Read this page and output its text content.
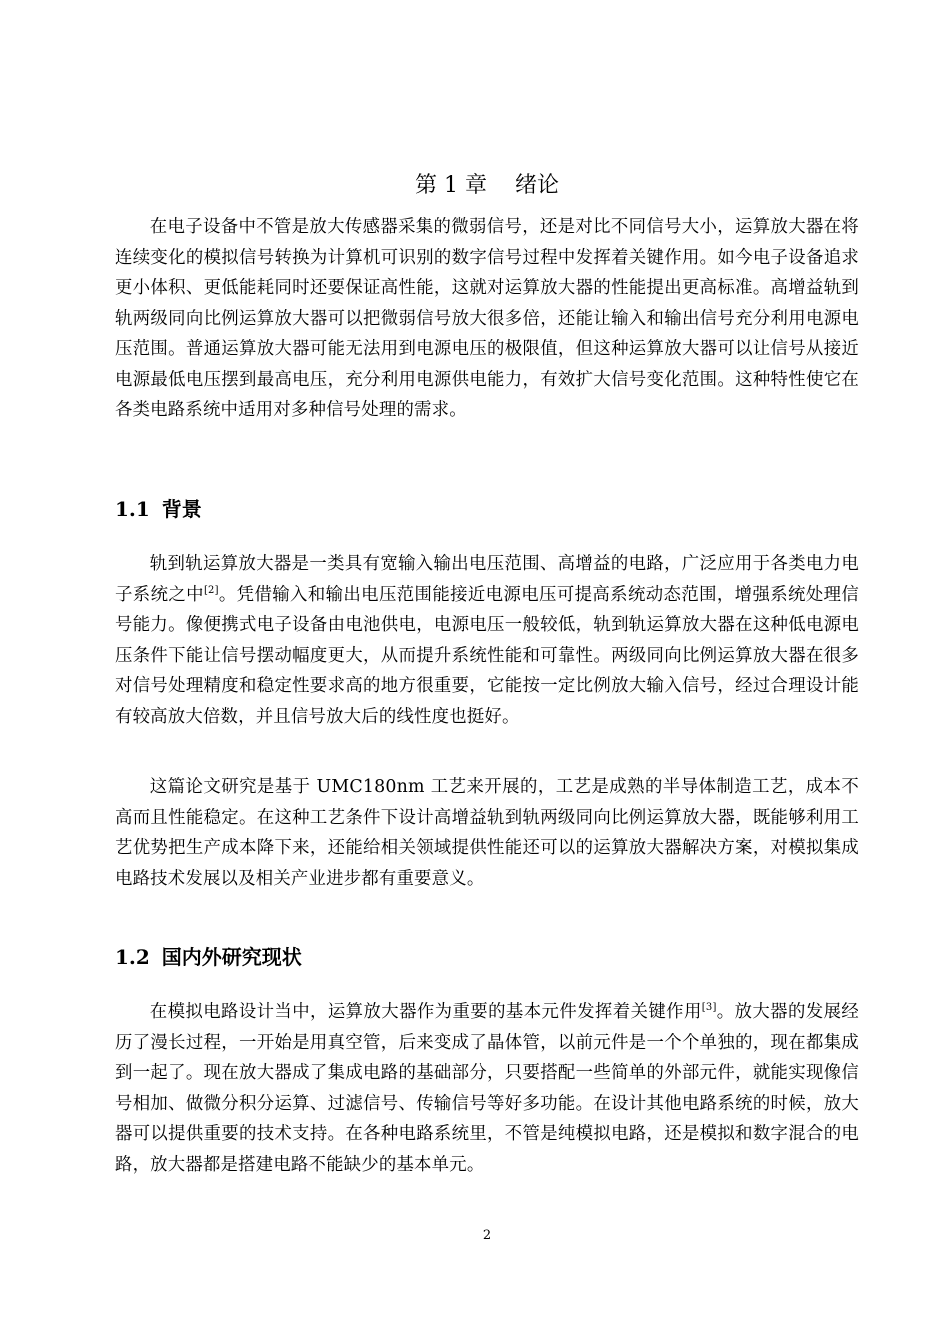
第 1 章    绪论

在电子设备中不管是放大传感器采集的微弱信号，还是对比不同信号大小，运算放大器在将连续变化的模拟信号转换为计算机可识别的数字信号过程中发挥着关键作用。如今电子设备追求更小体积、更低能耗同时还要保证高性能，这就对运算放大器的性能提出更高标准。高增益轨到轨两级同向比例运算放大器可以把微弱信号放大很多倍，还能让输入和输出信号充分利用电源电压范围。普通运算放大器可能无法用到电源电压的极限值，但这种运算放大器可以让信号从接近电源最低电压摆到最高电压，充分利用电源供电能力，有效扩大信号变化范围。这种特性使它在各类电路系统中适用对多种信号处理的需求。

1.1 背景

轨到轨运算放大器是一类具有宽输入输出电压范围、高增益的电路，广泛应用于各类电力电子系统之中[2]。凭借输入和输出电压范围能接近电源电压可提高系统动态范围，增强系统处理信号能力。像便携式电子设备由电池供电，电源电压一般较低，轨到轨运算放大器在这种低电源电压条件下能让信号摆动幅度更大，从而提升系统性能和可靠性。两级同向比例运算放大器在很多对信号处理精度和稳定性要求高的地方很重要，它能按一定比例放大输入信号，经过合理设计能有较高放大倍数，并且信号放大后的线性度也挺好。

这篇论文研究是基于 UMC180nm 工艺来开展的，工艺是成熟的半导体制造工艺，成本不高而且性能稳定。在这种工艺条件下设计高增益轨到轨两级同向比例运算放大器，既能够利用工艺优势把生产成本降下来，还能给相关领域提供性能还可以的运算放大器解决方案，对模拟集成电路技术发展以及相关产业进步都有重要意义。

1.2 国内外研究现状

在模拟电路设计当中，运算放大器作为重要的基本元件发挥着关键作用[3]。放大器的发展经历了漫长过程，一开始是用真空管，后来变成了晶体管，以前元件是一个个单独的，现在都集成到一起了。现在放大器成了集成电路的基础部分，只要搭配一些简单的外部元件，就能实现像信号相加、做微分积分运算、过滤信号、传输信号等好多功能。在设计其他电路系统的时候，放大器可以提供重要的技术支持。在各种电路系统里，不管是纯模拟电路，还是模拟和数字混合的电路，放大器都是搭建电路不能缺少的基本单元。

2
